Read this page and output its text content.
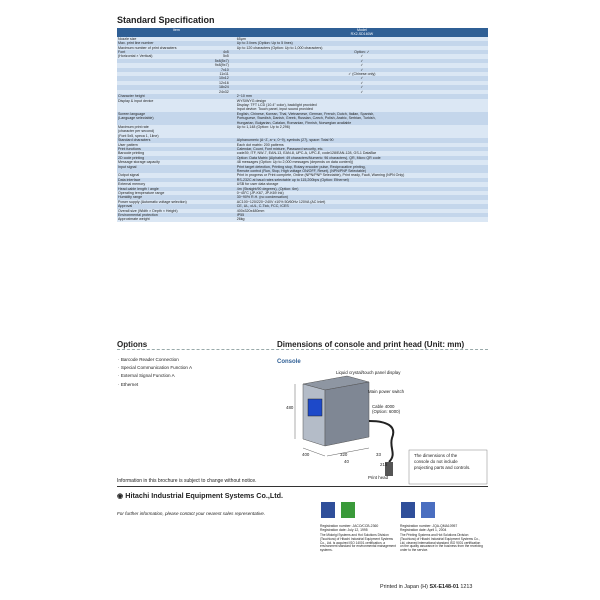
Standard Specification
Item	Model
	RX2-SD160W
Nozzle size	65μm
Max. print line number	Up to 3 lines (Option: Up to 5 lines)
Maximum number of print characters	Up to 120 characters (Option: Up to 1,000 characters)
Font 4x5	Option: ✓
(Horizontal × Vertical) 5x5	✓

5x8(5x7)	✓

9x8(9x7)	✓

7x10	✓

11x11	✓ (Chinese only)

10x12	✓

12x16	✓

18x24	✓

24x32	✓
Character height	2~10 mm
Display & input device	WYSIWYG design
Display: TFT LCD (10.4" color), backlight provided
Input device: Touch panel, input sound provided
Screen language
(Language selectable)	English, Chinese, Korean, Thai, Vietnamese, German, French, Dutch, Italian, Spanish,
Portuguese, Swedish, Danish, Greek, Russian, Czech, Polish, Arabic, Serbian, Turkish,
Hungarian, Bulgarian, Catalan, Romanian, Finnish, Norwegian available
Maximum print rate
(character per second)
(Font 5x5, speca 1, 1line)	Up to 1,148 (Option: Up to 2,296)
Standard characters	Alphanumeric (A~Z, a~z, 0~9), symbols (27), space: Total 90
User pattern	Each dot matrix: 200 patterns
Print functions	Calendar, Count, Font mixture, Password security, etc.
Barcode printing	code39, ITF, NW-7, EAN-13, EAN-8, UPC-A, UPC-E, code128/EAN-128, GS-1 DataBar
2D code printing	Option: Data Matrix (Alphabet: 49 characters/Numeric: 96 characters), QR, Micro QR code
Message storage capacity	48 messages (Option: Up to 2,000 messages (depends on data content))
Input signal	Print target detection, Printing stop, Rotary encoder pulse, Reciprocative printing,
Remote control (Run, Stop, High voltage ON/OFF, Reset), (NPN/PNP Selectable)
Output signal	Print in progress or Print complete, Online (NPN/PNP Selectable), Print ready, Fault, Warning (NPN Only)
Data interface	RS-232C at baud rates selectable up to 115,200bps (Option: Ethernet)
External memory	USB for user data storage
Head cable length / angle	4m (Straight/90 degrees), (Option: 6m)
Operating temperature range	0~45°C (JP-K67, JP-K69 Ink)
Humidity range	30~90% R.H. (no condensation)
Power supply (Automatic voltage selection)	AC100~120/220~240V ±10% 50/60Hz 120VA (AC Inlet)
Approval	CE, UL, cUL, C-Tick, FCC, ICES
Overall size (Width × Depth × Height)	400x320x480mm
Environmental protection	IP55
Approximate weight	26kg
Options
· Barcode Reader Connection
· Special Communication Function A
· External Signal Function A
· Ethernet
Dimensions of console and print head (Unit: mm)
Console
Liquid crystal/touch panel display
Main power switch
Cable 4000
(Option: 6000)
480
400	320
40
33
215
Print head
The dimensions of the
console do not include
projecting parts and controls.
Information in this brochure is subject to change without notice.
◉ Hitachi Industrial Equipment Systems Co.,Ltd.
For further information, please contact your nearest sales representative.
Registration number: JACO/CCB-2360
Registration date: July 12, 1995
The Midorigi Systems and Hot Solutions Division (Tsuchiura) of Hitachi Industrial Equipment Systems Co., Ltd. is acquired ISO 14001 certification, a environment standard for environmental management systems.
Registration number: JQA-QMA10957
Registration date: April 1, 2004
The Printing Systems and Hot Solutions Division (Tsuchiura) of Hitachi Industrial Equipment Systems Co., Ltd. cleaned international standard ISO 9001 certification on the quality assurance in the business from the receiving order to the service.
Printed in Japan (H) SX-E148-01 1213
